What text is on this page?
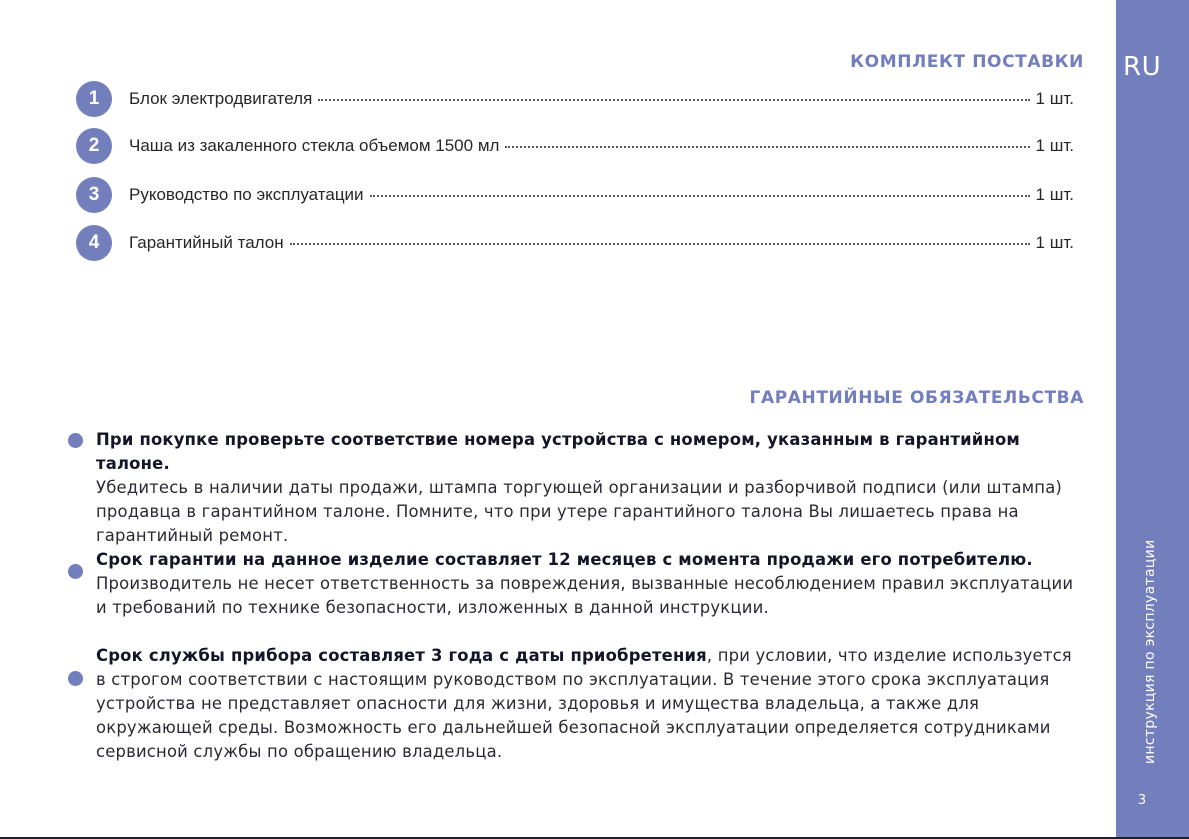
RU
инструкция по эксплуатации
3
КОМПЛЕКТ ПОСТАВКИ
1	Блок электродвигателя	1 шт.
2	Чаша из закаленного стекла объемом 1500 мл	1 шт.
3	Руководство по эксплуатации	1 шт.
4	Гарантийный талон	1 шт.
ГАРАНТИЙНЫЕ ОБЯЗАТЕЛЬСТВА
При покупке проверьте соответствие номера устройства с номером, указанным в гарантийном талоне.
Убедитесь в наличии даты продажи, штампа торгующей организации и разборчивой подписи (или штампа) продавца в гарантийном талоне. Помните, что при утере гарантийного талона Вы лишаетесь права на гарантийный ремонт.
Срок гарантии на данное изделие составляет 12 месяцев с момента продажи его потребителю.
Производитель не несет ответственность за повреждения, вызванные несоблюдением правил эксплуатации и требований по технике безопасности, изложенных в данной инструкции.
Срок службы прибора составляет 3 года с даты приобретения, при условии, что изделие используется в строгом соответствии с настоящим руководством по эксплуатации. В течение этого срока эксплуатация устройства не представляет опасности для жизни, здоровья и имущества владельца, а также для окружающей среды. Возможность его дальнейшей безопасной эксплуатации определяется сотрудниками сервисной службы по обращению владельца.
